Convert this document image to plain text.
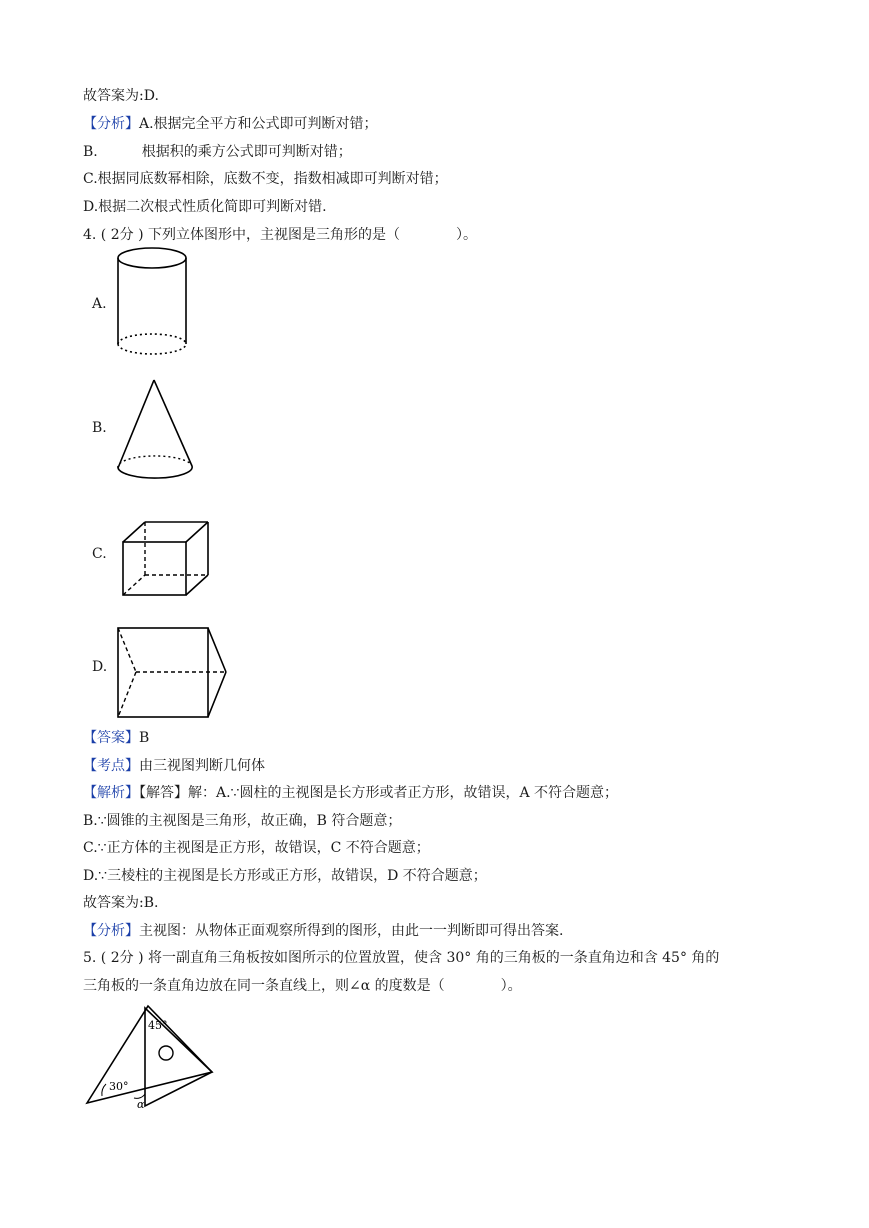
故答案为:D.
【分析】A.根据完全平方和公式即可判断对错；
B.	根据积的乘方公式即可判断对错；
C.根据同底数幂相除，底数不变，指数相减即可判断对错；
D.根据二次根式性质化简即可判断对错.
4. ( 2分 ) 下列立体图形中，主视图是三角形的是（　　　　）。
A.
B.
C.
D.
【答案】B
【考点】由三视图判断几何体
【解析】【解答】解：A.∵圆柱的主视图是长方形或者正方形，故错误，A 不符合题意；
B.∵圆锥的主视图是三角形，故正确，B 符合题意；
C.∵正方体的主视图是正方形，故错误，C 不符合题意；
D.∵三棱柱的主视图是长方形或正方形，故错误，D 不符合题意；
故答案为:B.
【分析】主视图：从物体正面观察所得到的图形，由此一一判断即可得出答案.
5. ( 2分 ) 将一副直角三角板按如图所示的位置放置，使含 30° 角的三角板的一条直角边和含 45° 角的
三角板的一条直角边放在同一条直线上，则∠α 的度数是（　　　　）。
45°
30°
α
